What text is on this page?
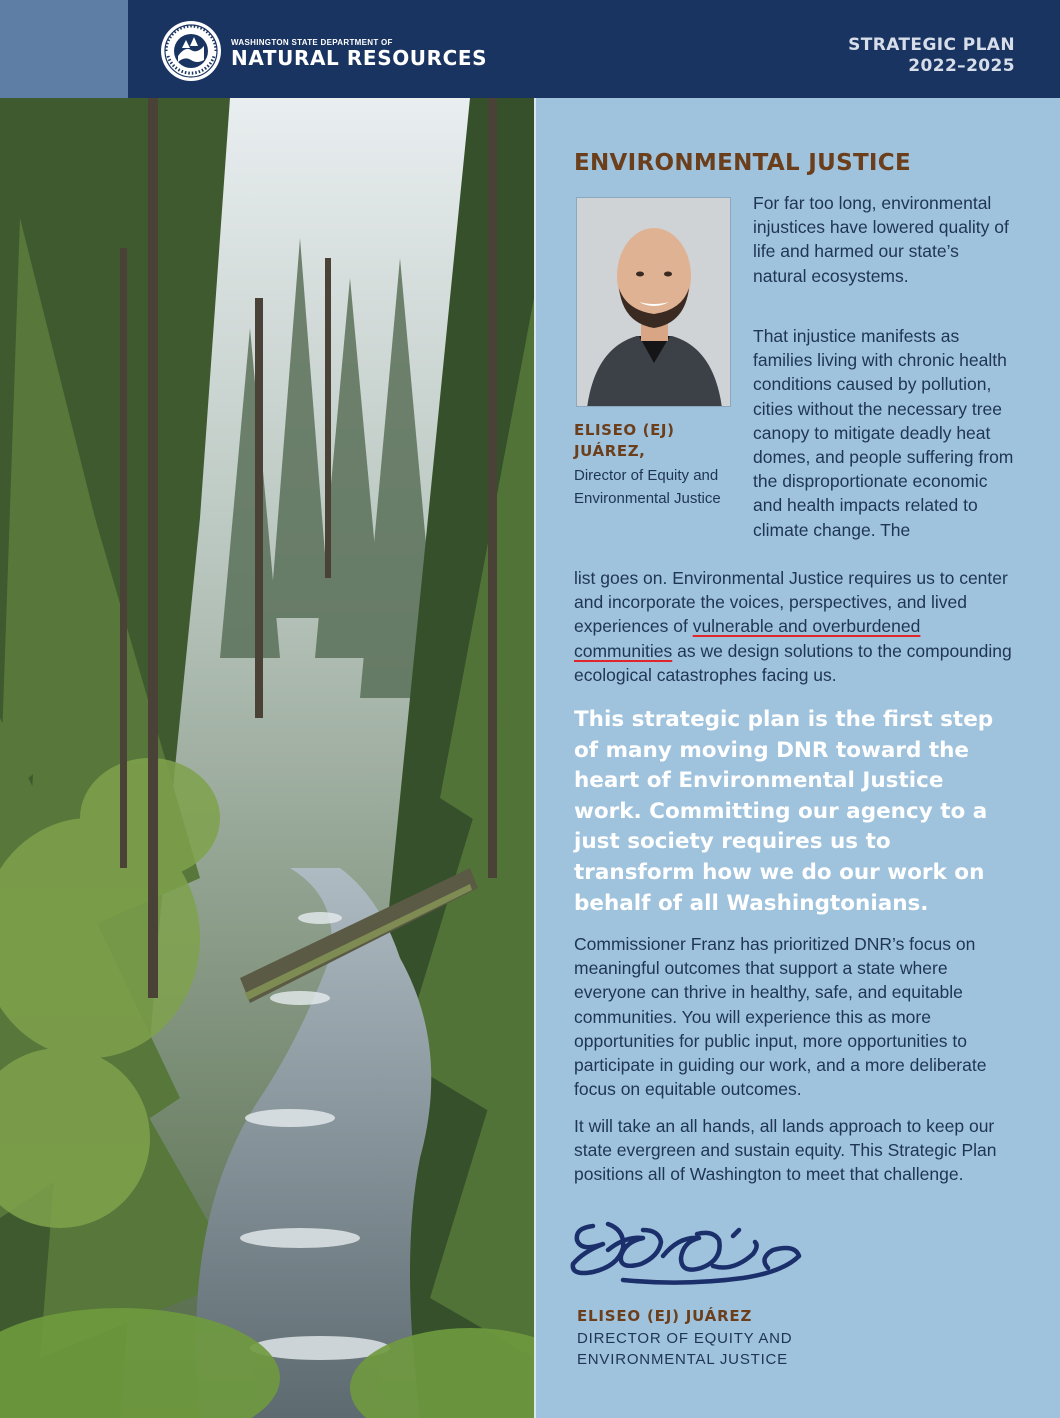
WASHINGTON STATE DEPARTMENT OF
NATURAL RESOURCES
STRATEGIC PLAN
2022–2025
ENVIRONMENTAL JUSTICE
ELISEO (EJ) JUÁREZ,
Director of Equity and Environmental Justice

For far too long, environmental injustices have lowered quality of life and harmed our state’s natural ecosystems.

That injustice manifests as families living with chronic health conditions caused by pollution, cities without the necessary tree canopy to mitigate deadly heat domes, and people suffering from the disproportionate economic and health impacts related to climate change. The

list goes on. Environmental Justice requires us to center and incorporate the voices, perspectives, and lived experiences of vulnerable and overburdened communities as we design solutions to the compounding ecological catastrophes facing us.

This strategic plan is the first step of many moving DNR toward the heart of Environmental Justice work. Committing our agency to a just society requires us to transform how we do our work on behalf of all Washingtonians.

Commissioner Franz has prioritized DNR’s focus on meaningful outcomes that support a state where everyone can thrive in healthy, safe, and equitable communities. You will experience this as more opportunities for public input, more opportunities to participate in guiding our work, and a more deliberate focus on equitable outcomes.

It will take an all hands, all lands approach to keep our state evergreen and sustain equity. This Strategic Plan positions all of Washington to meet that challenge.

ELISEO (EJ) JUÁREZ
DIRECTOR OF EQUITY AND ENVIRONMENTAL JUSTICE
